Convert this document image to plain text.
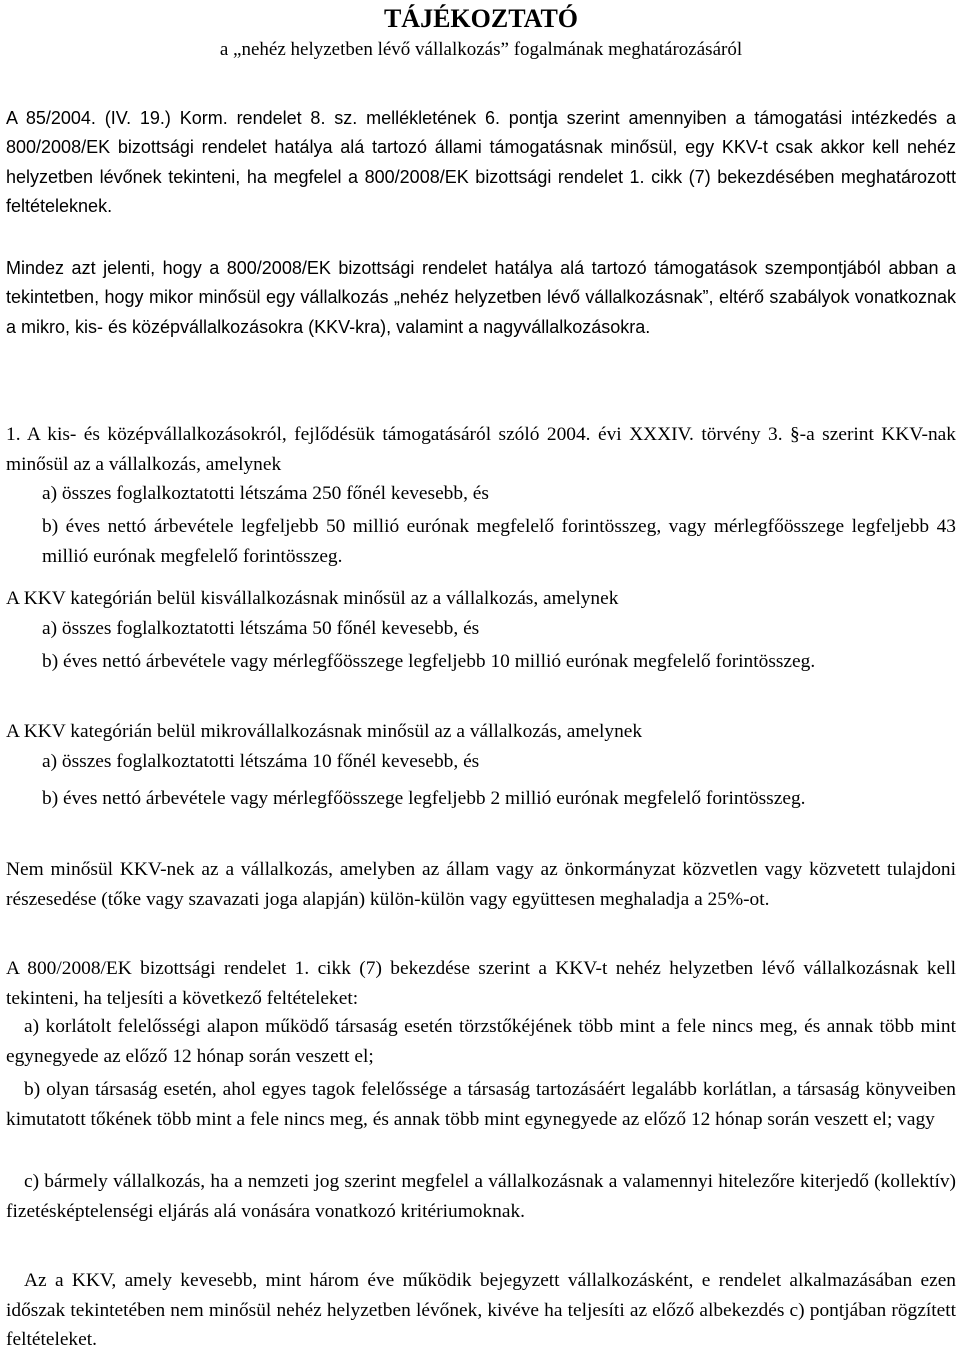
TÁJÉKOZTATÓ
a „nehéz helyzetben lévő vállalkozás” fogalmának meghatározásáról

A 85/2004. (IV. 19.) Korm. rendelet 8. sz. mellékletének 6. pontja szerint amennyiben a támogatási intézkedés a 800/2008/EK bizottsági rendelet hatálya alá tartozó állami támogatásnak minősül, egy KKV-t csak akkor kell nehéz helyzetben lévőnek tekinteni, ha megfelel a 800/2008/EK bizottsági rendelet 1. cikk (7) bekezdésében meghatározott feltételeknek.

Mindez azt jelenti, hogy a 800/2008/EK bizottsági rendelet hatálya alá tartozó támogatások szempontjából abban a tekintetben, hogy mikor minősül egy vállalkozás „nehéz helyzetben lévő vállalkozásnak”, eltérő szabályok vonatkoznak a mikro, kis- és középvállalkozásokra (KKV-kra), valamint a nagyvállalkozásokra.

1. A kis- és középvállalkozásokról, fejlődésük támogatásáról szóló 2004. évi XXXIV. törvény 3. §-a szerint KKV-nak minősül az a vállalkozás, amelynek

a) összes foglalkoztatotti létszáma 250 főnél kevesebb, és

b) éves nettó árbevétele legfeljebb 50 millió eurónak megfelelő forintösszeg, vagy mérlegfőösszege legfeljebb 43 millió eurónak megfelelő forintösszeg.

A KKV kategórián belül kisvállalkozásnak minősül az a vállalkozás, amelynek

a) összes foglalkoztatotti létszáma 50 főnél kevesebb, és

b) éves nettó árbevétele vagy mérlegfőösszege legfeljebb 10 millió eurónak megfelelő forintösszeg.

A KKV kategórián belül mikrovállalkozásnak minősül az a vállalkozás, amelynek

a) összes foglalkoztatotti létszáma 10 főnél kevesebb, és

b) éves nettó árbevétele vagy mérlegfőösszege legfeljebb 2 millió eurónak megfelelő forintösszeg.

Nem minősül KKV-nek az a vállalkozás, amelyben az állam vagy az önkormányzat közvetlen vagy közvetett tulajdoni részesedése (tőke vagy szavazati joga alapján) külön-külön vagy együttesen meghaladja a 25%-ot.

A 800/2008/EK bizottsági rendelet 1. cikk (7) bekezdése szerint a KKV-t nehéz helyzetben lévő vállalkozásnak kell tekinteni, ha teljesíti a következő feltételeket:

a) korlátolt felelősségi alapon működő társaság esetén törzstőkéjének több mint a fele nincs meg, és annak több mint egynegyede az előző 12 hónap során veszett el;

b) olyan társaság esetén, ahol egyes tagok felelőssége a társaság tartozásáért legalább korlátlan, a társaság könyveiben kimutatott tőkének több mint a fele nincs meg, és annak több mint egynegyede az előző 12 hónap során veszett el; vagy

c) bármely vállalkozás, ha a nemzeti jog szerint megfelel a vállalkozásnak a valamennyi hitelezőre kiterjedő (kollektív) fizetésképtelenségi eljárás alá vonására vonatkozó kritériumoknak.

Az a KKV, amely kevesebb, mint három éve működik bejegyzett vállalkozásként, e rendelet alkalmazásában ezen időszak tekintetében nem minősül nehéz helyzetben lévőnek, kivéve ha teljesíti az előző albekezdés c) pontjában rögzített feltételeket.
